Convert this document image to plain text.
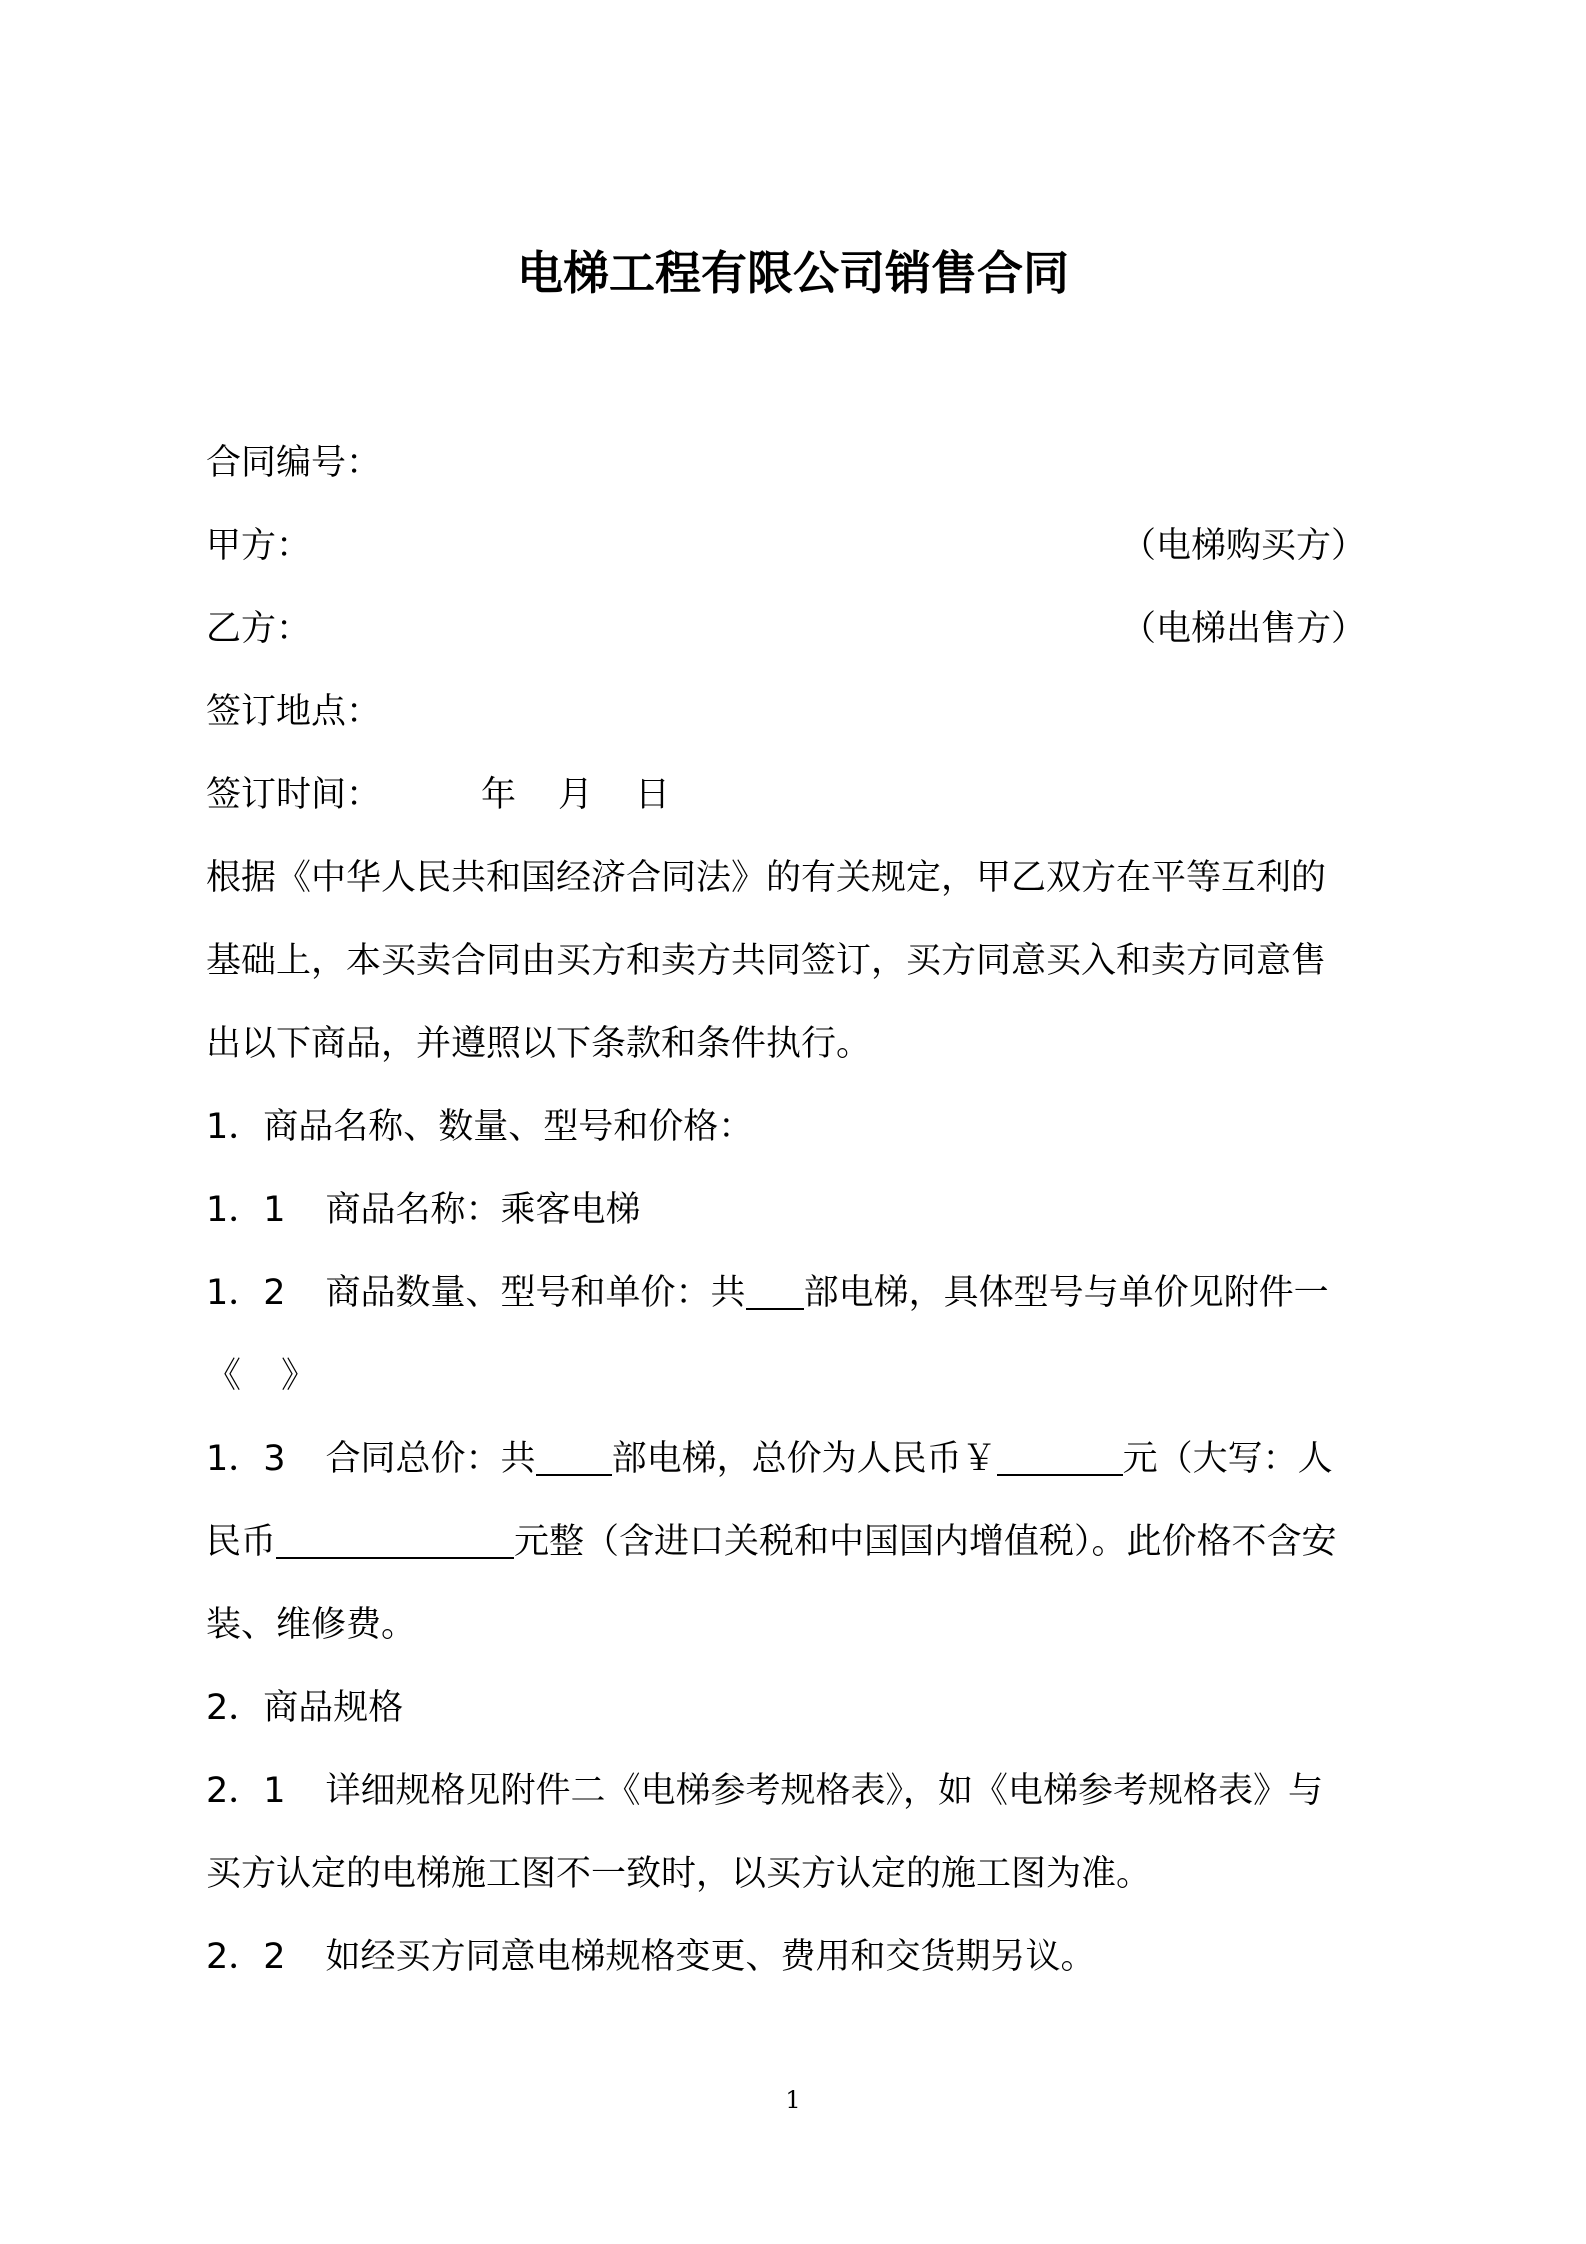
电梯工程有限公司销售合同
合同编号：
甲方：	（电梯购买方）
乙方：	（电梯出售方）
签订地点：
签订时间：	年 月 日
根据《中华人民共和国经济合同法》的有关规定，甲乙双方在平等互利的
基础上，本买卖合同由买方和卖方共同签订，买方同意买入和卖方同意售
出以下商品，并遵照以下条款和条件执行。
1．商品名称、数量、型号和价格：
1．1 商品名称：乘客电梯
1．2 商品数量、型号和单价：共 部电梯，具体型号与单价见附件一
《 》
1．3 合同总价：共 部电梯，总价为人民币￥	元（大写：人
民币	元整（含进口关税和中国国内增值税）。此价格不含安
装、维修费。
2．商品规格
2．1 详细规格见附件二《电梯参考规格表》，如《电梯参考规格表》与
买方认定的电梯施工图不一致时，以买方认定的施工图为准。
2．2 如经买方同意电梯规格变更、费用和交货期另议。
1
